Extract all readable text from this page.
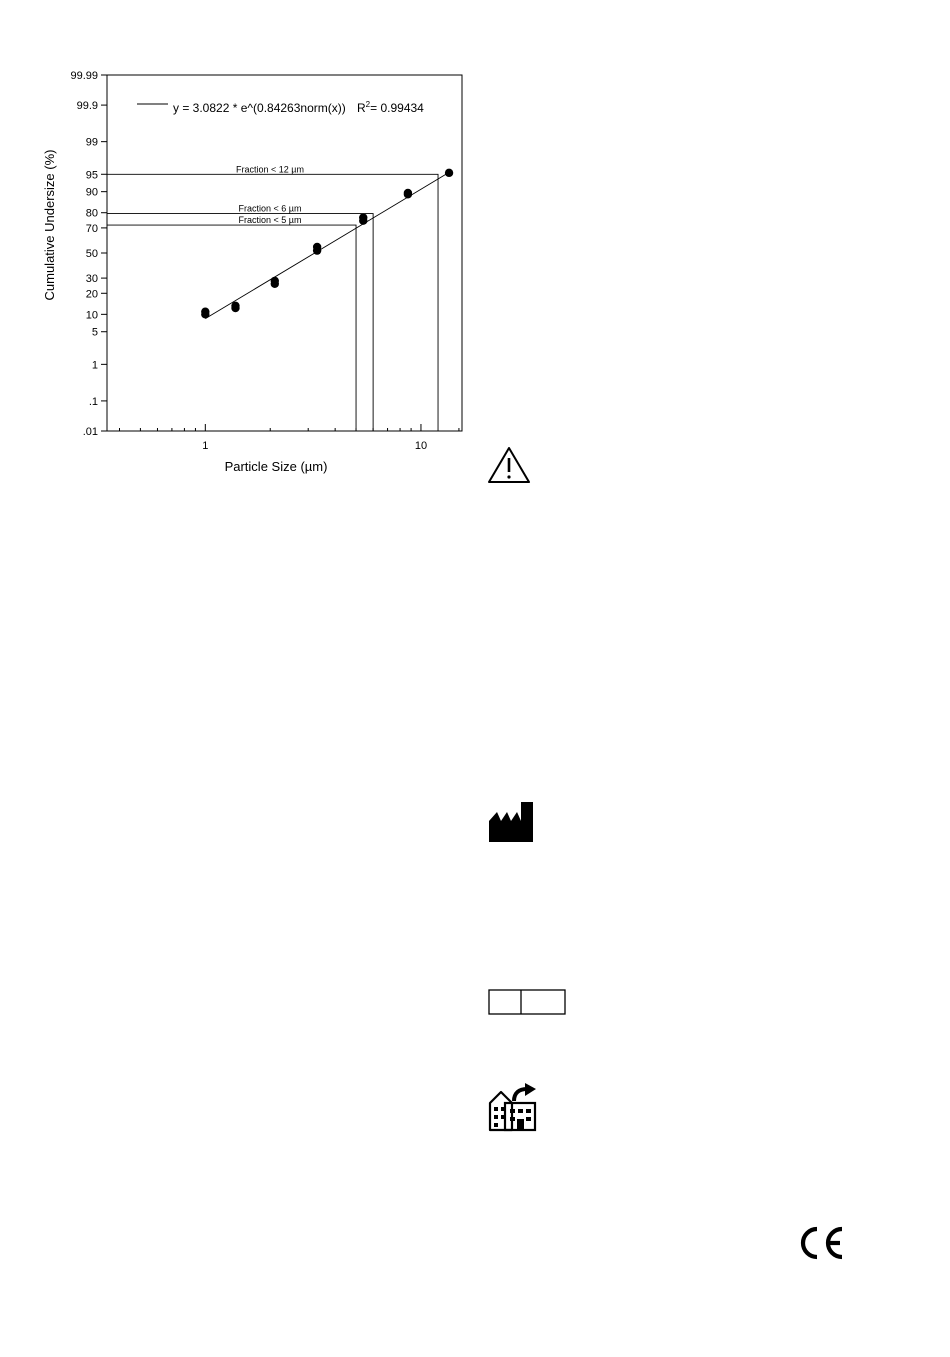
99.99
99.9
99
95
90
80
70
50
30
20
10
5
1
.1
.01
1	10
Fraction < 12 µm
Fraction < 6 µm
Fraction < 5 µm
y = 3.0822 * e^(0.84263norm(x)) $R^2= 0.99434$
Cumulative Undersize (%)
Particle Size (µm)
